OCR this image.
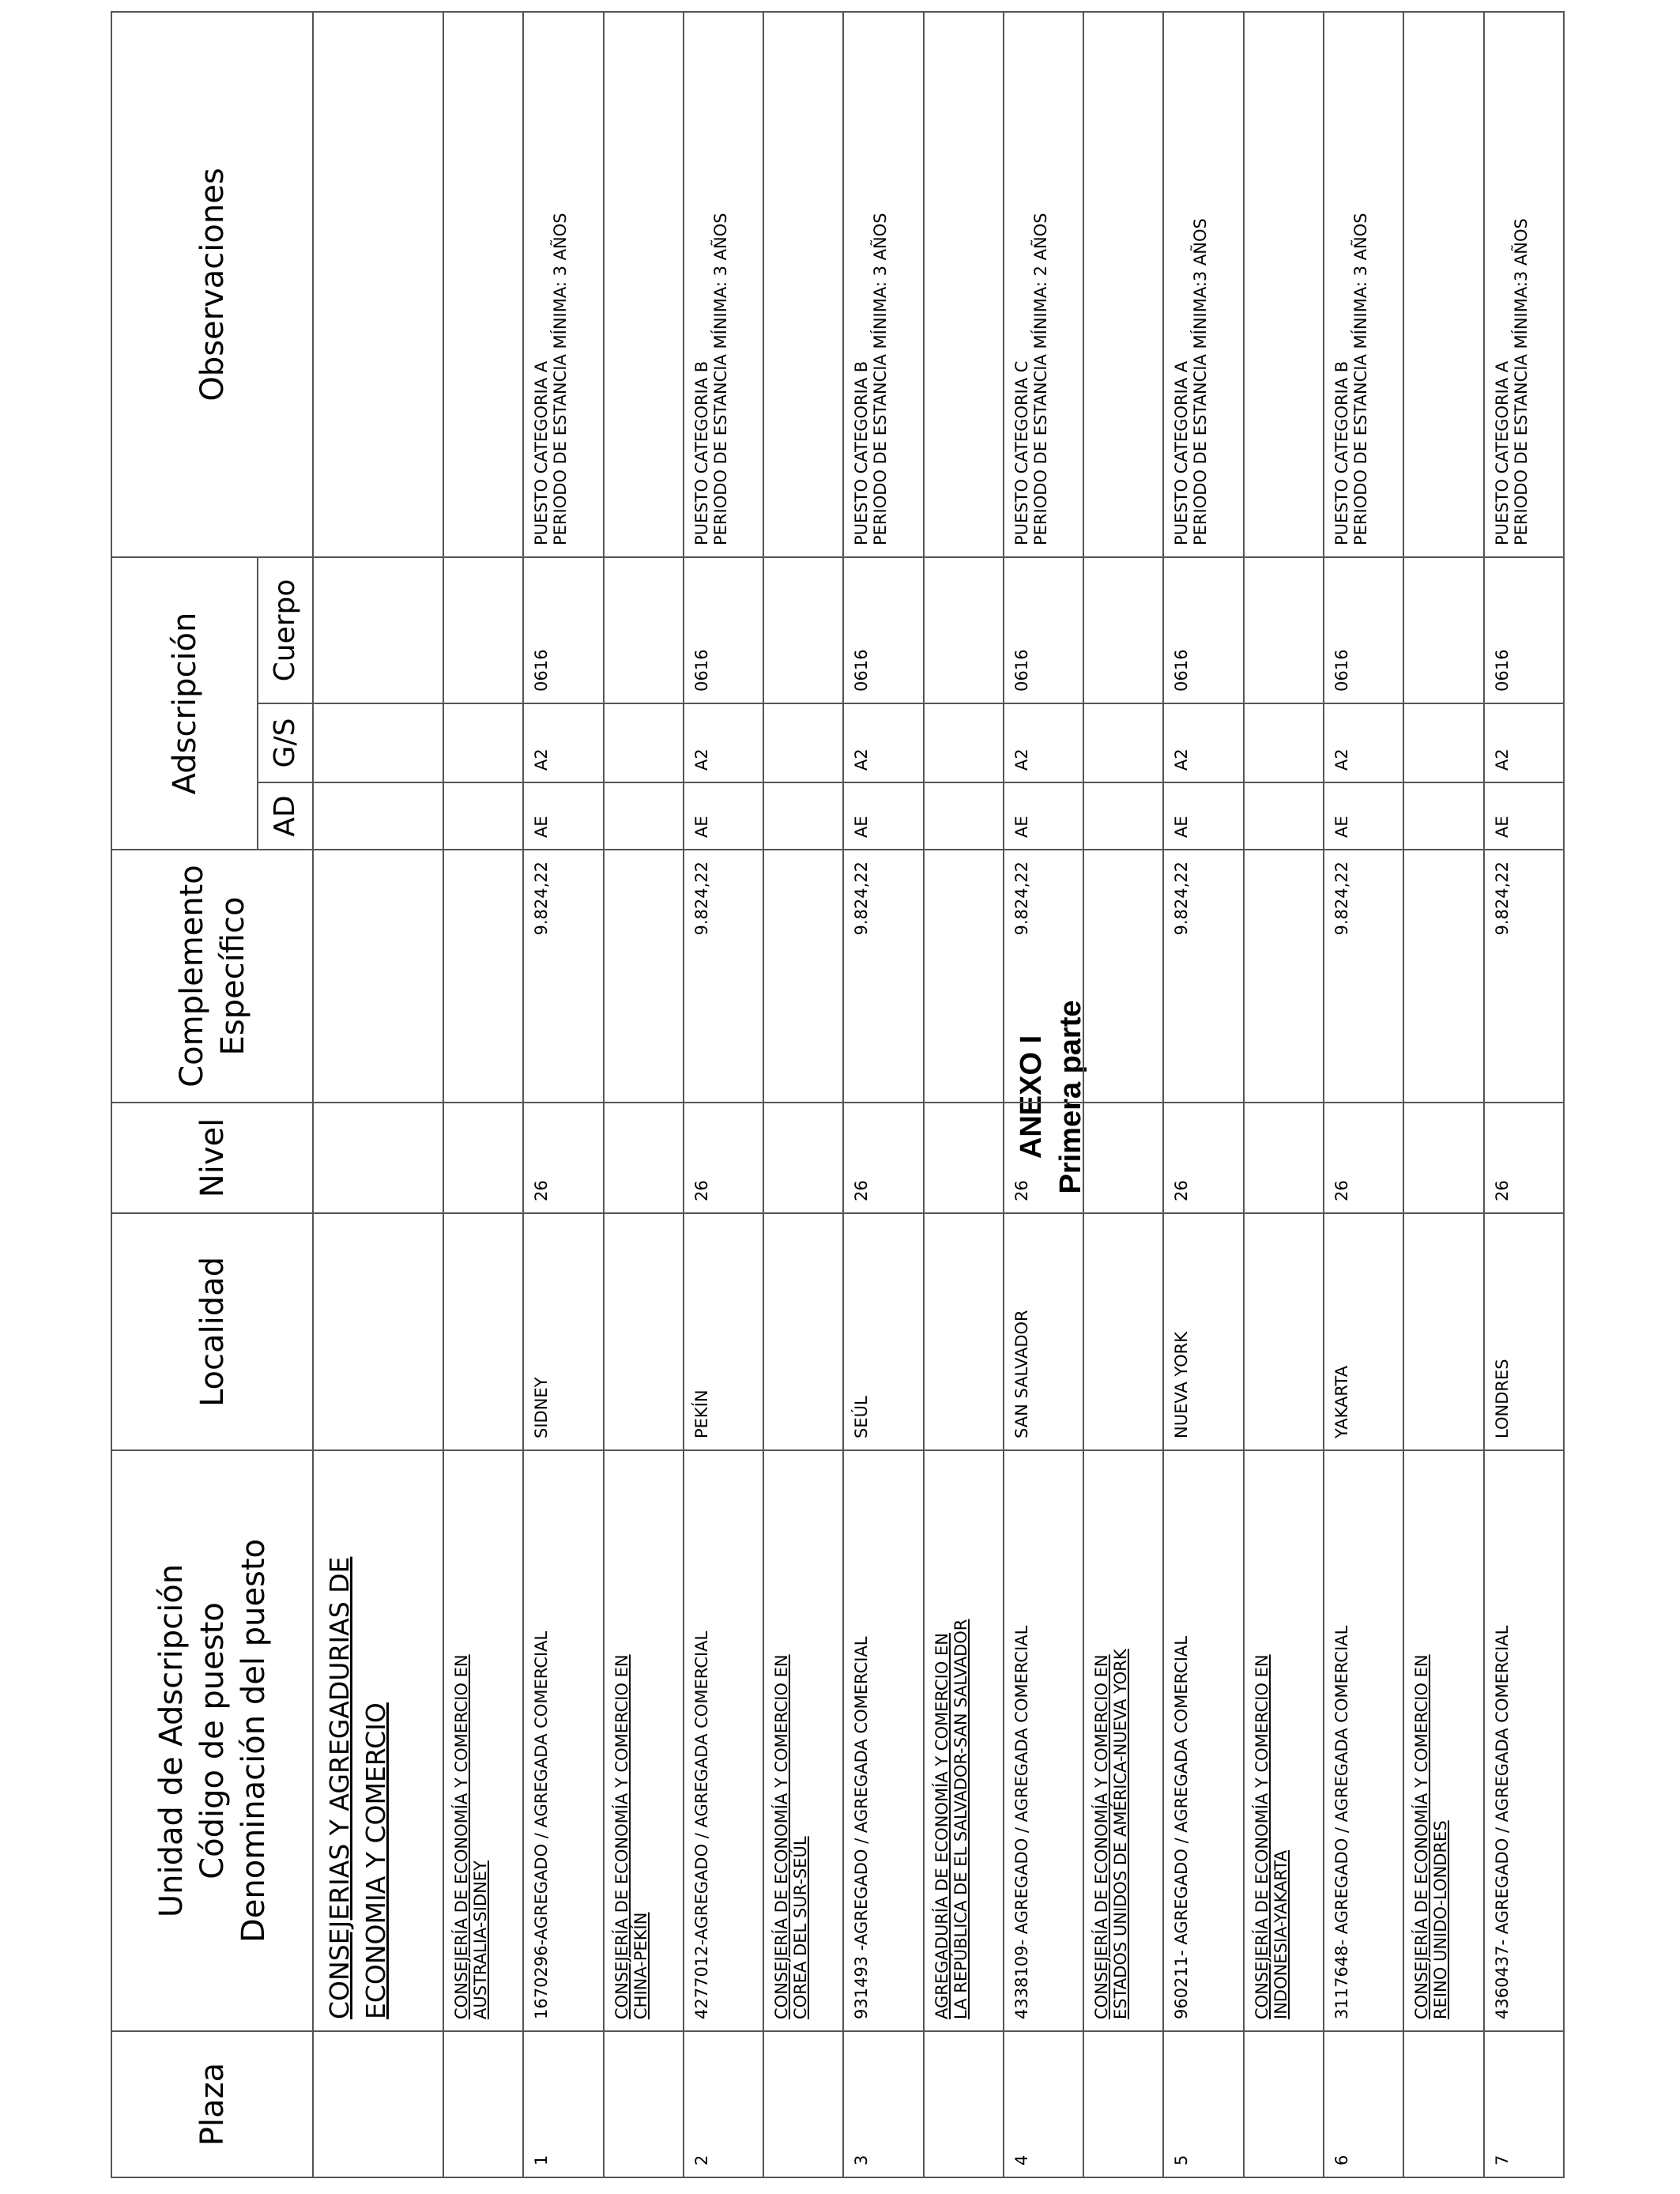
ANEXO I Primera parte
Plaza	Unidad de Adscripción Código de puesto Denominación del puesto	Localidad	Nivel	Complemento Específico	Adscripción			Observaciones
					AD	G/S	Cuerpo	

	CONSEJERIAS Y AGREGADURIAS DE ECONOMIA Y COMERCIO							

	CONSEJERÍA DE ECONOMÍA Y COMERCIO EN AUSTRALIA-SIDNEY							

1	1670296-AGREGADO / AGREGADA COMERCIAL	SIDNEY	26	9.824,22	AE	A2	0616	PUESTO CATEGORIA A PERIODO DE ESTANCIA MÍNIMA: 3 AÑOS

	CONSEJERÍA DE ECONOMÍA Y COMERCIO EN CHINA-PEKÍN							

2	4277012-AGREGADO / AGREGADA COMERCIAL	PEKÍN	26	9.824,22	AE	A2	0616	PUESTO CATEGORIA B PERIODO DE ESTANCIA MÍNIMA: 3 AÑOS

	CONSEJERÍA DE ECONOMÍA Y COMERCIO EN COREA DEL SUR-SEÚL							

3	931493 -AGREGADO / AGREGADA COMERCIAL	SEÚL	26	9.824,22	AE	A2	0616	PUESTO CATEGORIA B PERIODO DE ESTANCIA MÍNIMA: 3 AÑOS

	AGREGADURÍA DE ECONOMÍA Y COMERCIO EN LA REPÚBLICA DE EL SALVADOR-SAN SALVADOR							

4	4338109- AGREGADO / AGREGADA COMERCIAL	SAN SALVADOR	26	9.824,22	AE	A2	0616	PUESTO CATEGORIA C PERIODO DE ESTANCIA MÍNIMA: 2 AÑOS

	CONSEJERÍA DE ECONOMÍA Y COMERCIO EN ESTADOS UNIDOS DE AMÉRICA-NUEVA YORK							

5	960211- AGREGADO / AGREGADA COMERCIAL	NUEVA YORK	26	9.824,22	AE	A2	0616	PUESTO CATEGORIA A PERIODO DE ESTANCIA MÍNIMA:3 AÑOS

	CONSEJERÍA DE ECONOMÍA Y COMERCIO EN INDONESIA-YAKARTA							

6	3117648- AGREGADO / AGREGADA COMERCIAL	YAKARTA	26	9.824,22	AE	A2	0616	PUESTO CATEGORIA B PERIODO DE ESTANCIA MÍNIMA: 3 AÑOS

	CONSEJERÍA DE ECONOMÍA Y COMERCIO EN REINO UNIDO-LONDRES							

7	4360437- AGREGADO / AGREGADA COMERCIAL	LONDRES	26	9.824,22	AE	A2	0616	PUESTO CATEGORIA A PERIODO DE ESTANCIA MÍNIMA:3 AÑOS
